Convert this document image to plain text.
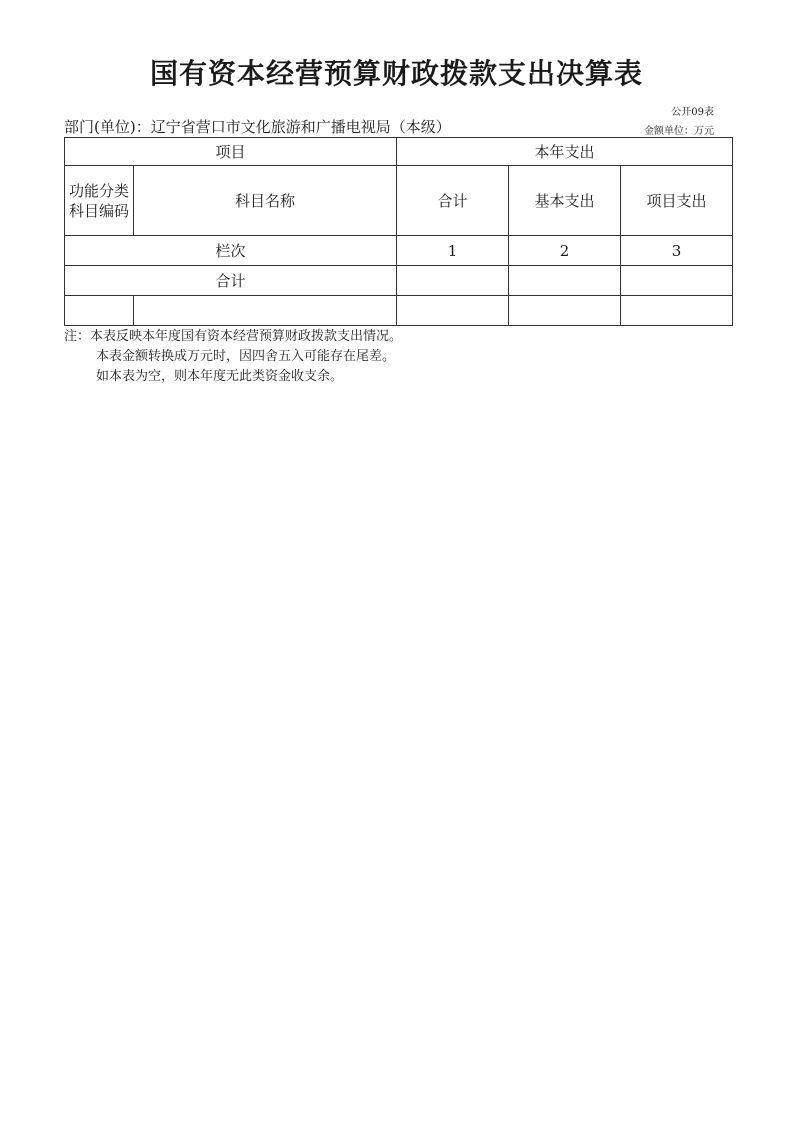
国有资本经营预算财政拨款支出决算表
公开09表
部门(单位)：辽宁省营口市文化旅游和广播电视局（本级）	金额单位：万元
项目		本年支出		
功能分类科目编码	科目名称	合计	基本支出	项目支出
栏次		1	2	3
合计				

注：本表反映本年度国有资本经营预算财政拨款支出情况。
本表金额转换成万元时，因四舍五入可能存在尾差。
如本表为空，则本年度无此类资金收支余。
